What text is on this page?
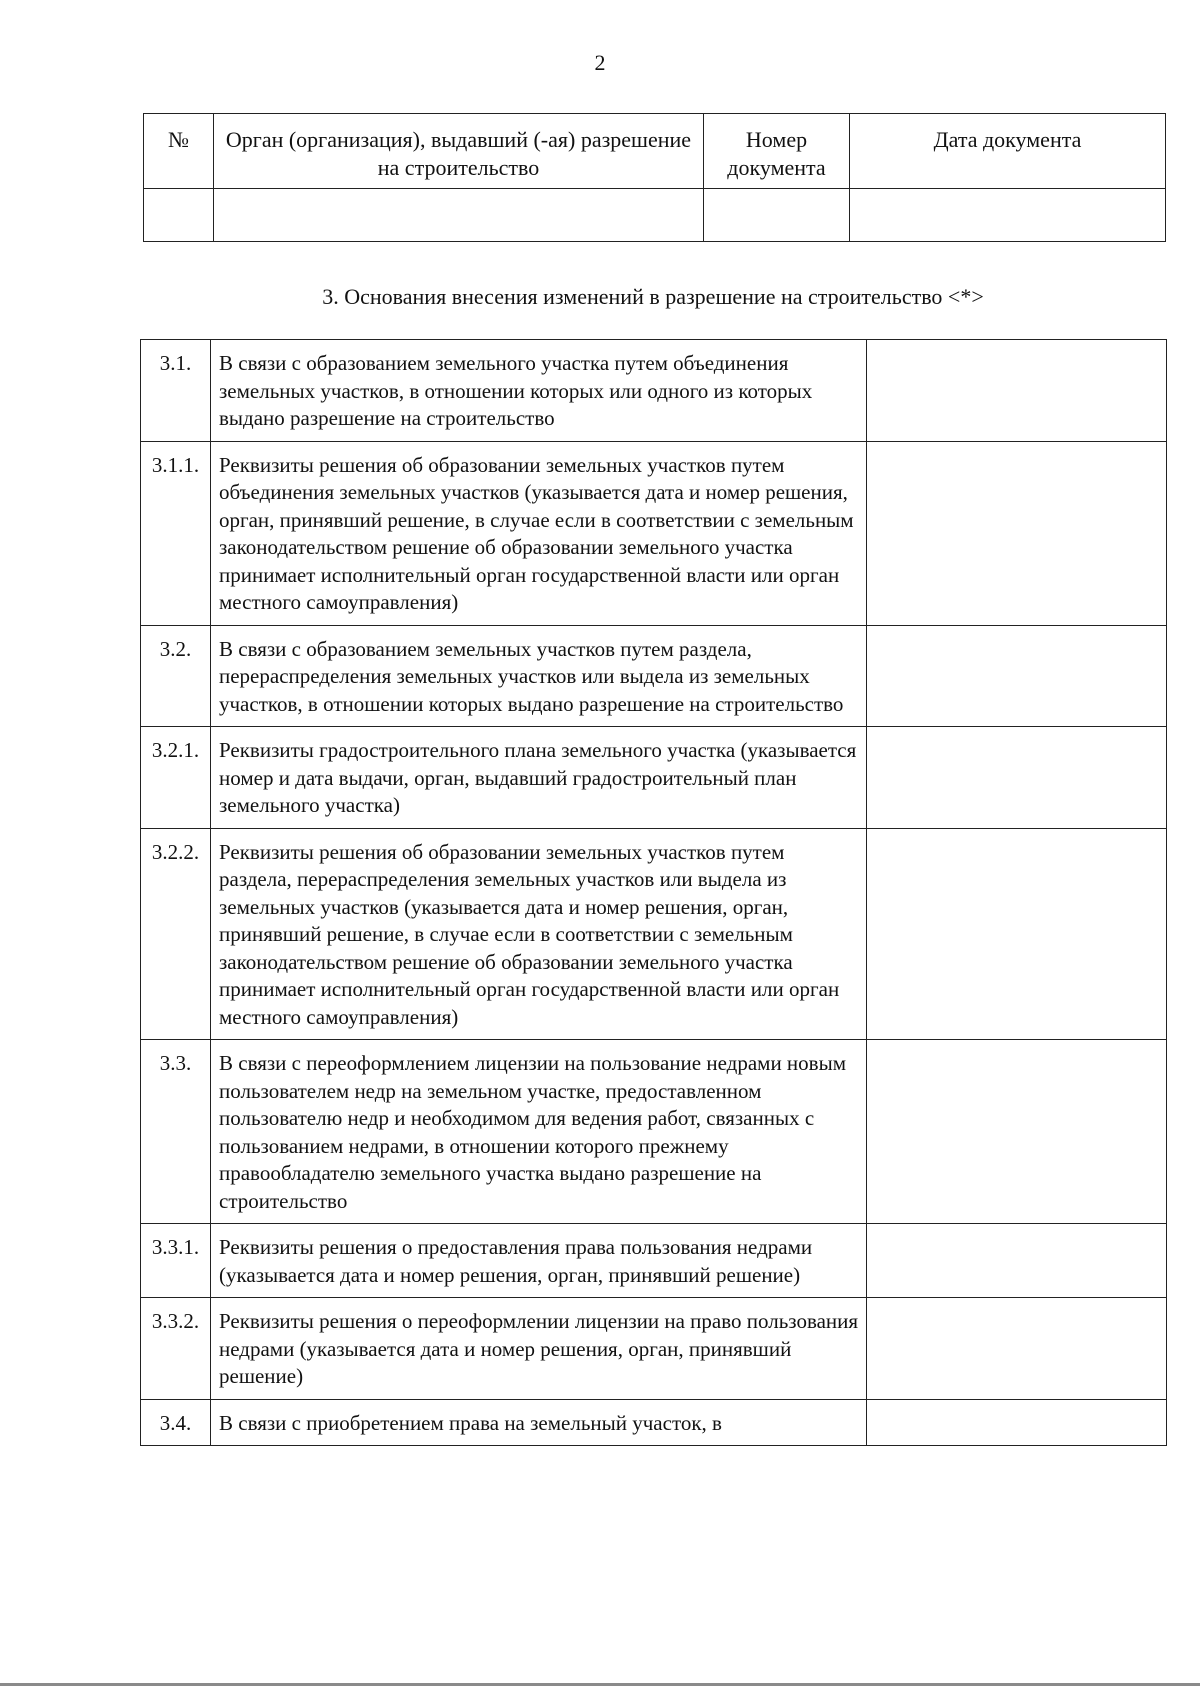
2
№	Орган (организация), выдавший (-ая) разрешение на строительство	Номер документа	Дата документа

3. Основания внесения изменений в разрешение на строительство <*>
3.1.	В связи с образованием земельного участка путем объединения земельных участков, в отношении которых или одного из которых выдано разрешение на строительство	
3.1.1.	Реквизиты решения об образовании земельных участков путем объединения земельных участков (указывается дата и номер решения, орган, принявший решение, в случае если в соответствии с земельным законодательством решение об образовании земельного участка принимает исполнительный орган государственной власти или орган местного самоуправления)	
3.2.	В связи с образованием земельных участков путем раздела, перераспределения земельных участков или выдела из земельных участков, в отношении которых выдано разрешение на строительство	
3.2.1.	Реквизиты градостроительного плана земельного участка (указывается номер и дата выдачи, орган, выдавший градостроительный план земельного участка)	
3.2.2.	Реквизиты решения об образовании земельных участков путем раздела, перераспределения земельных участков или выдела из земельных участков (указывается дата и номер решения, орган, принявший решение, в случае если в соответствии с земельным законодательством решение об образовании земельного участка принимает исполнительный орган государственной власти или орган местного самоуправления)	
3.3.	В связи с переоформлением лицензии на пользование недрами новым пользователем недр на земельном участке, предоставленном пользователю недр и необходимом для ведения работ, связанных с пользованием недрами, в отношении которого прежнему правообладателю земельного участка выдано разрешение на строительство	
3.3.1.	Реквизиты решения о предоставления права пользования недрами (указывается дата и номер решения, орган, принявший решение)	
3.3.2.	Реквизиты решения о переоформлении лицензии на право пользования недрами (указывается дата и номер решения, орган, принявший решение)	
3.4.	В связи с приобретением права на земельный участок, в	
